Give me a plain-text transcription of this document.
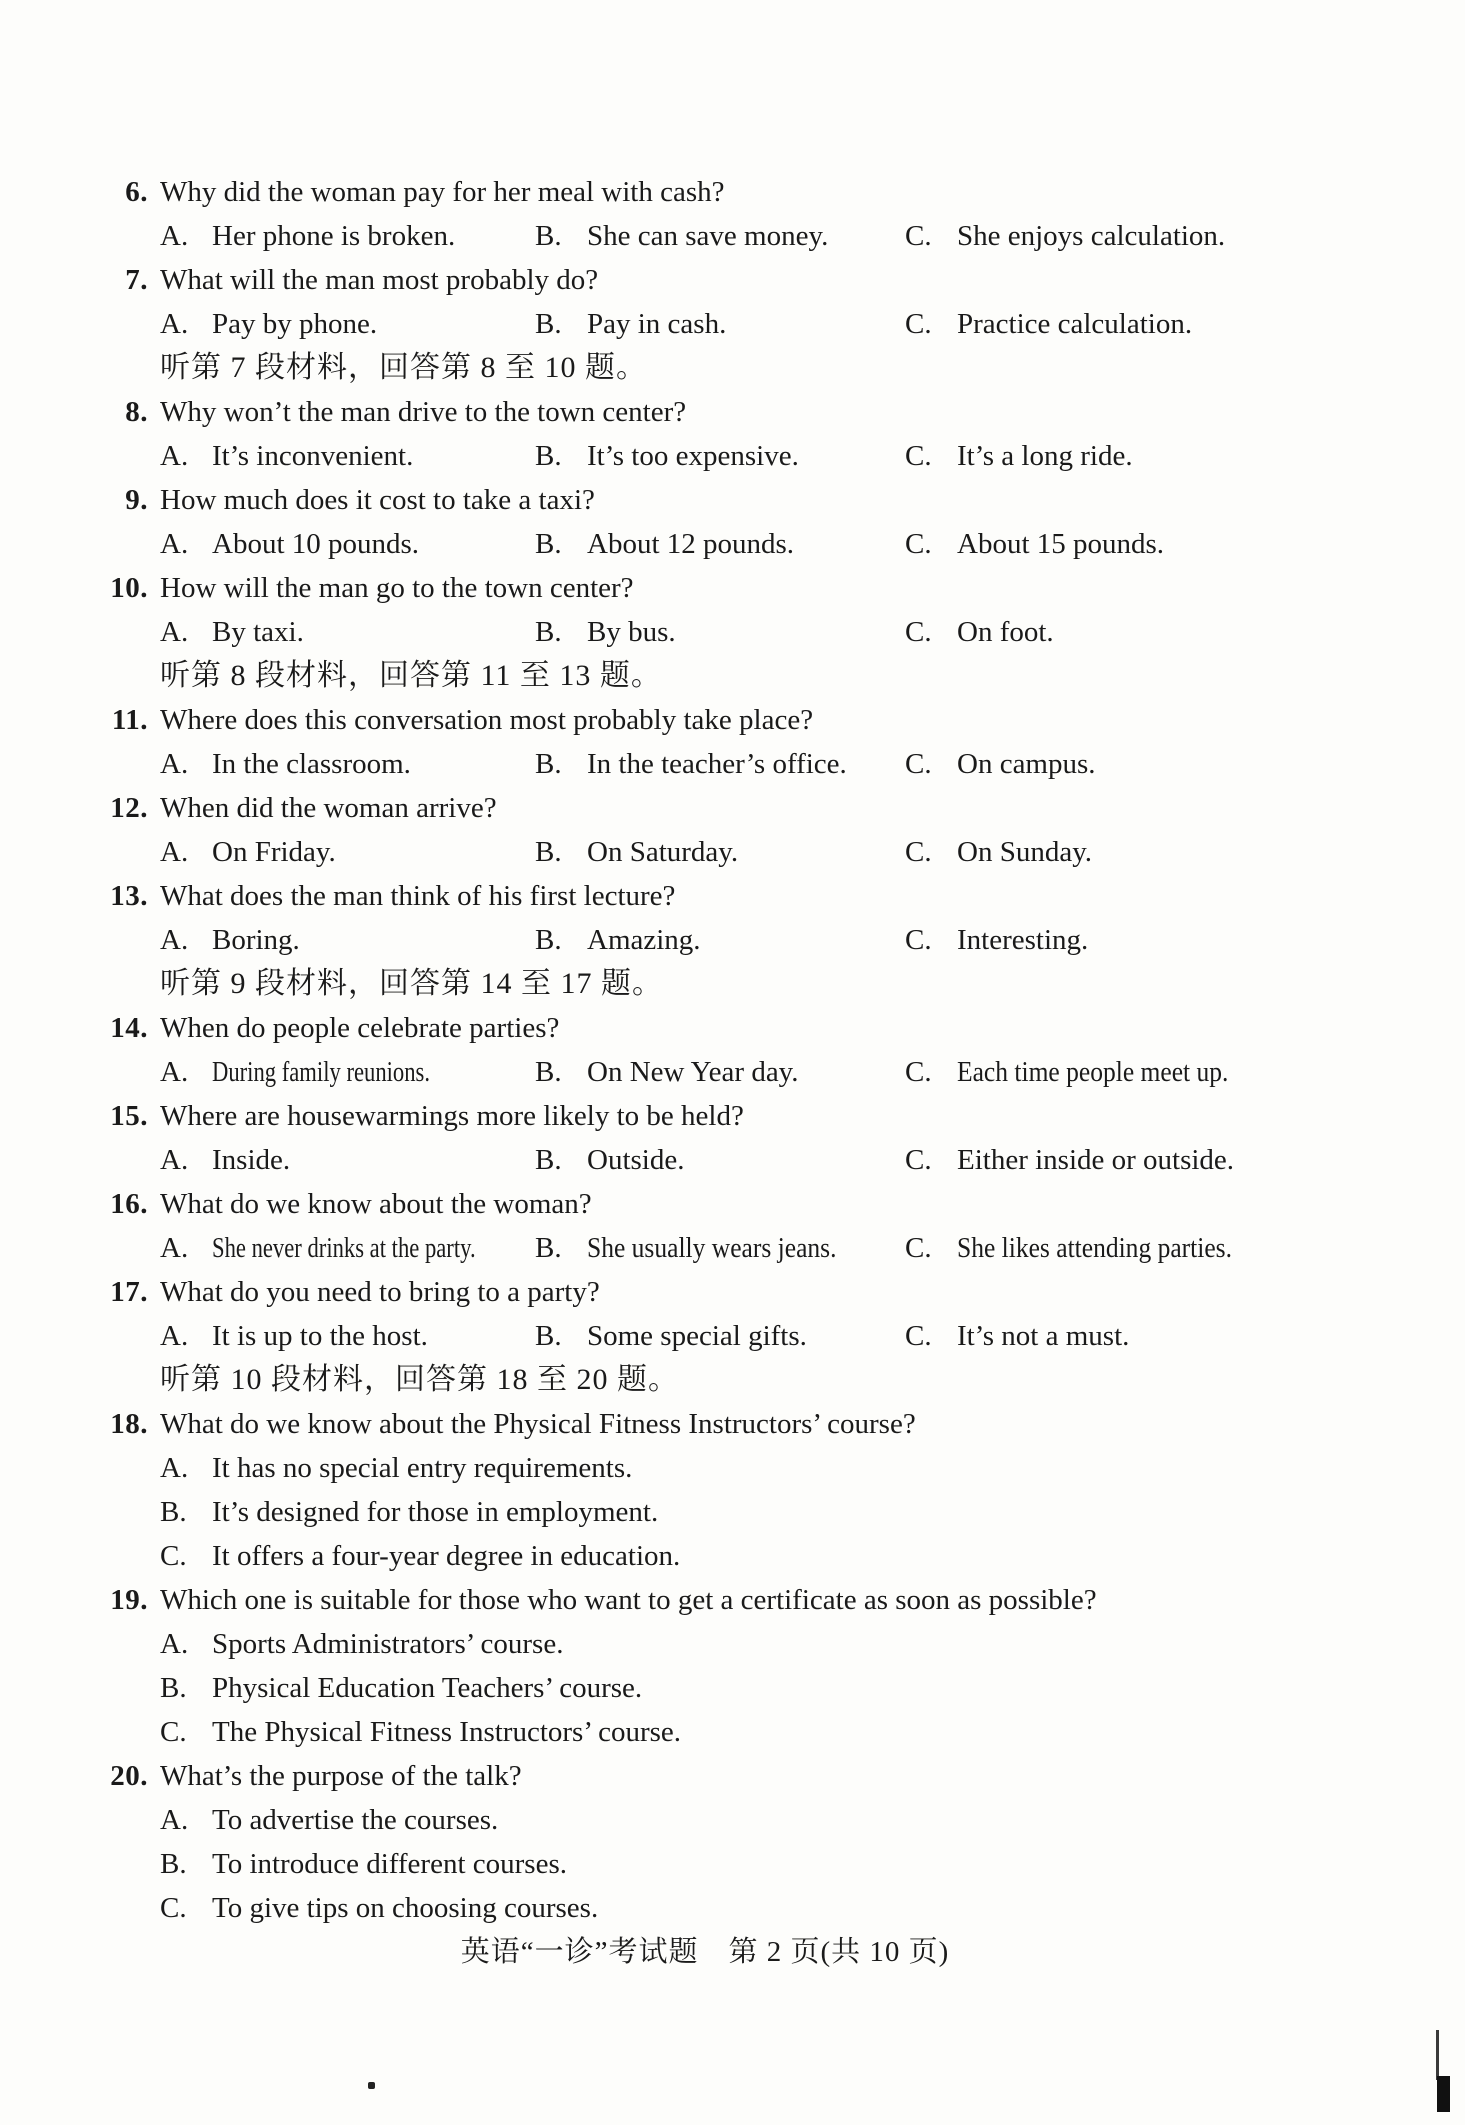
6. Why did the woman pay for her meal with cash?
A. Her phone is broken.	B. She can save money.	C. She enjoys calculation.
7. What will the man most probably do?
A. Pay by phone.	B. Pay in cash.	C. Practice calculation.
听第 7 段材料，回答第 8 至 10 题。
8. Why won’t the man drive to the town center?
A. It’s inconvenient.	B. It’s too expensive.	C. It’s a long ride.
9. How much does it cost to take a taxi?
A. About 10 pounds.	B. About 12 pounds.	C. About 15 pounds.
10. How will the man go to the town center?
A. By taxi.	B. By bus.	C. On foot.
听第 8 段材料，回答第 11 至 13 题。
11. Where does this conversation most probably take place?
A. In the classroom.	B. In the teacher’s office. C. On campus.
12. When did the woman arrive?
A. On Friday.	B. On Saturday.	C. On Sunday.
13. What does the man think of his first lecture?
A. Boring.	B. Amazing.	C. Interesting.
听第 9 段材料，回答第 14 至 17 题。
14. When do people celebrate parties?
A. During family reunions.	B. On New Year day.	C. Each time people meet up.
15. Where are housewarmings more likely to be held?
A. Inside.	B. Outside.	C. Either inside or outside.
16. What do we know about the woman?
A. She never drinks at the party.	B. She usually wears jeans.	C. She likes attending parties.
17. What do you need to bring to a party?
A. It is up to the host.	B. Some special gifts.	C. It’s not a must.
听第 10 段材料，回答第 18 至 20 题。
18. What do we know about the Physical Fitness Instructors’ course?
A. It has no special entry requirements.
B. It’s designed for those in employment.
C. It offers a four-year degree in education.
19. Which one is suitable for those who want to get a certificate as soon as possible?
A. Sports Administrators’ course.
B. Physical Education Teachers’ course.
C. The Physical Fitness Instructors’ course.
20. What’s the purpose of the talk?
A. To advertise the courses.
B. To introduce different courses.
C. To give tips on choosing courses.
英语“一诊”考试题　第 2 页(共 10 页)
